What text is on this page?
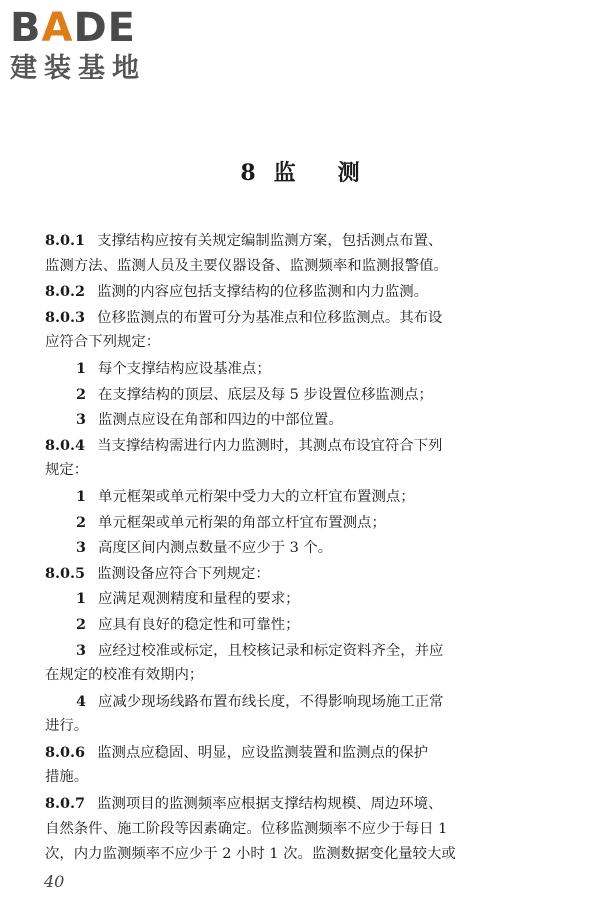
BADE
建装基地
8 监 测
8.0.1 支撑结构应按有关规定编制监测方案，包括测点布置、
监测方法、监测人员及主要仪器设备、监测频率和监测报警值。
8.0.2 监测的内容应包括支撑结构的位移监测和内力监测。
8.0.3 位移监测点的布置可分为基准点和位移监测点。其布设
应符合下列规定：
1 每个支撑结构应设基准点；
2 在支撑结构的顶层、底层及每 5 步设置位移监测点；
3 监测点应设在角部和四边的中部位置。
8.0.4 当支撑结构需进行内力监测时，其测点布设宜符合下列
规定：
1 单元框架或单元桁架中受力大的立杆宜布置测点；
2 单元框架或单元桁架的角部立杆宜布置测点；
3 高度区间内测点数量不应少于 3 个。
8.0.5 监测设备应符合下列规定：
1 应满足观测精度和量程的要求；
2 应具有良好的稳定性和可靠性；
3 应经过校准或标定，且校核记录和标定资料齐全，并应
在规定的校准有效期内；
4 应减少现场线路布置布线长度，不得影响现场施工正常
进行。
8.0.6 监测点应稳固、明显，应设监测装置和监测点的保护
措施。
8.0.7 监测项目的监测频率应根据支撑结构规模、周边环境、
自然条件、施工阶段等因素确定。位移监测频率不应少于每日 1
次，内力监测频率不应少于 2 小时 1 次。监测数据变化量较大或
40
